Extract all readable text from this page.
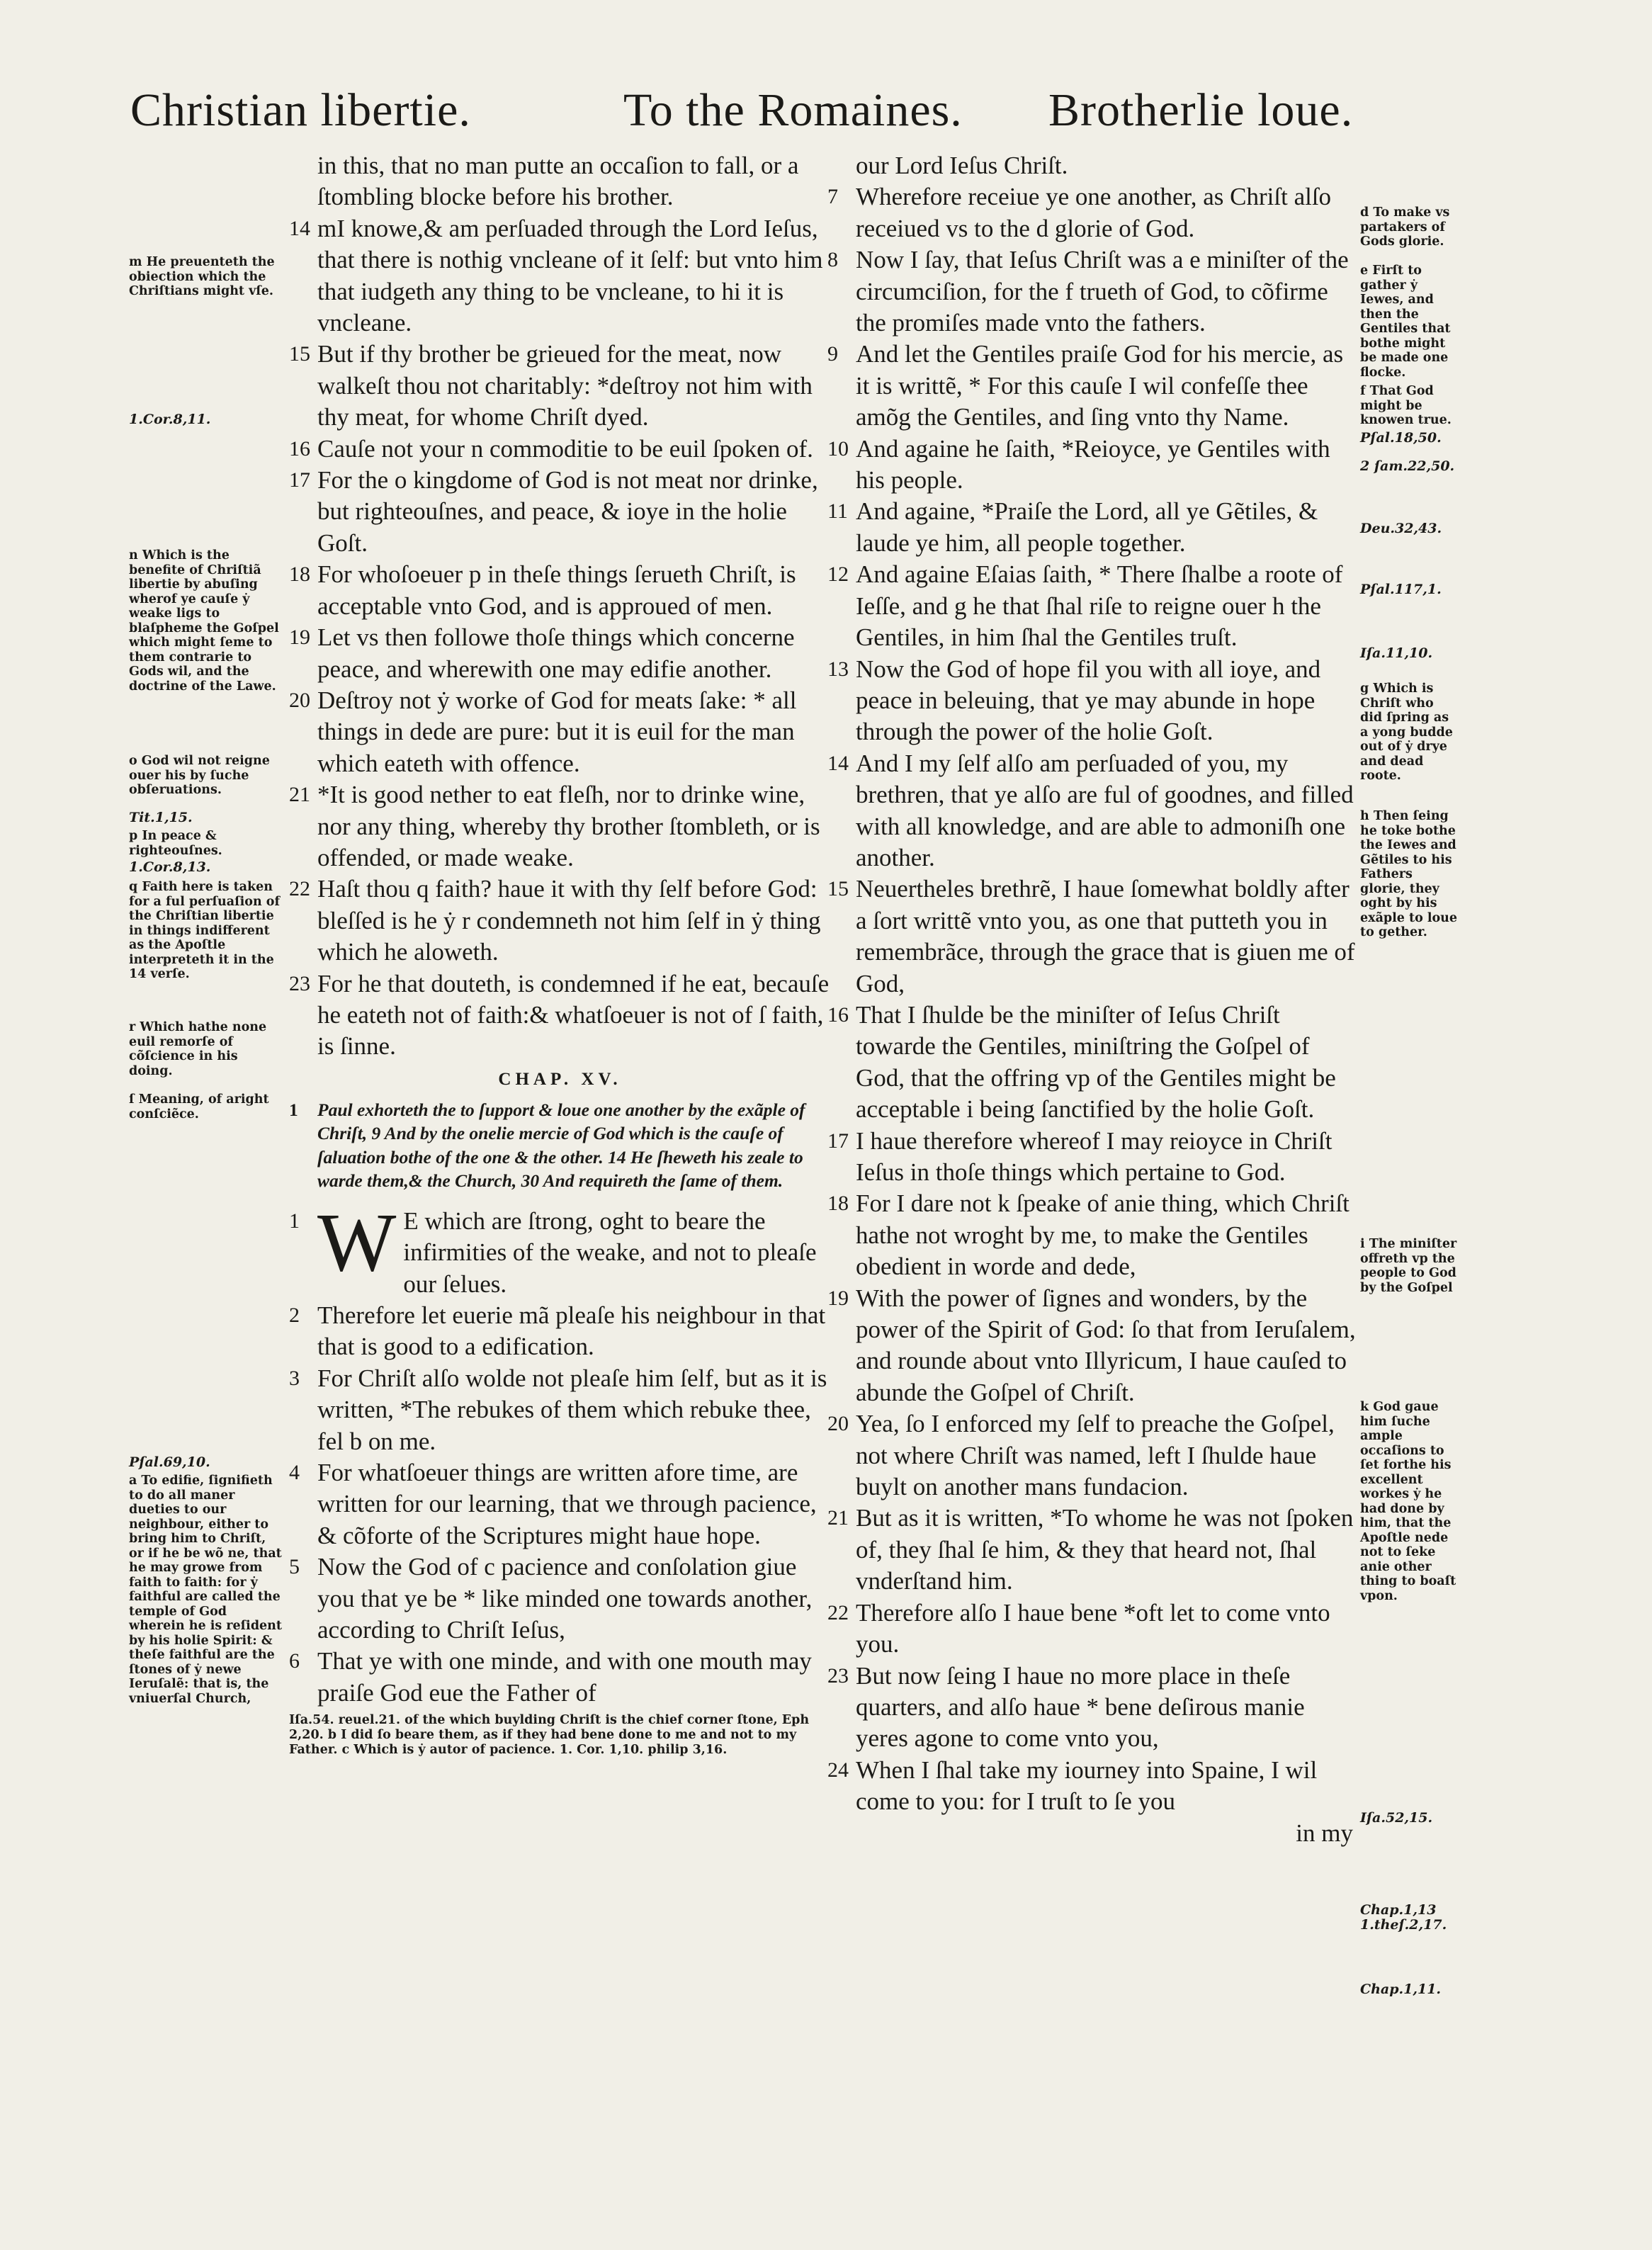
Christian libertie.	To the Romaines. Brotherlie loue.
m He preuenteth the obiection which the Chriſtians might vſe.
1.Cor.8,11.
n Which is the benefite of Chriſtiã libertie by abuſing wherof ye cauſe ẏ weake ligs to blaſpheme the Goſpel which might ſeme to them contrarie to Gods wil, and the doctrine of the Lawe.
o God wil not reigne ouer his by ſuche obſeruations.
Tit.1,15.
p In peace & righteouſnes.
1.Cor.8,13.
q Faith here is taken for a ful perſuaſion of the Chriſtian libertie in things indifferent as the Apoſtle interpreteth it in the 14 verſe.
r Which hathe none euil remorſe of cõſcience in his doing.
ſ Meaning, of aright conſciẽce.
Pſal.69,10.
a To edifie, ſignifieth to do all maner dueties to our neighbour, either to bring him to Chriſt, or if he be wõ ne, that he may growe from faith to faith: for ẏ faithful are called the temple of God wherein he is reſident by his holie Spirit: & theſe faithful are the ſtones of ẏ newe Ieruſalẽ: that is, the vniuerſal Church,
in this, that no man putte an occaſion to fall, or a ſtombling blocke before his brother.
14 mI knowe,& am perſuaded through the Lord Ieſus, that there is nothig vncleane of it ſelf: but vnto him that iudgeth any thing to be vncleane, to hi it is vncleane.
15 But if thy brother be grieued for the meat, now walkeſt thou not charitably: *deſtroy not him with thy meat, for whome Chriſt dyed.
16 Cauſe not your n commoditie to be euil ſpoken of.
17 For the o kingdome of God is not meat nor drinke, but righteouſnes, and peace, & ioye in the holie Goſt.
18 For whoſoeuer p in theſe things ſerueth Chriſt, is acceptable vnto God, and is approued of men.
19 Let vs then followe thoſe things which concerne peace, and wherewith one may edifie another.
20 Deſtroy not ẏ worke of God for meats ſake: * all things in dede are pure: but it is euil for the man which eateth with offence.
21 *It is good nether to eat fleſh, nor to drinke wine, nor any thing, whereby thy brother ſtombleth, or is offended, or made weake.
22 Haſt thou q faith? haue it with thy ſelf before God: bleſſed is he ẏ r condemneth not him ſelf in ẏ thing which he aloweth.
23 For he that douteth, is condemned if he eat, becauſe he eateth not of faith:& whatſoeuer is not of ſ faith, is ſinne.
CHAP. XV.
1 Paul exhorteth the to ſupport & loue one another by the exãple of Chriſt, 9 And by the onelie mercie of God which is the cauſe of ſaluation bothe of the one & the other. 14 He ſheweth his zeale to warde them,& the Church, 30 And requireth the ſame of them.
1 W E which are ſtrong, oght to beare the infirmities of the weake, and not to pleaſe our ſelues.
2 Therefore let euerie mã pleaſe his neighbour in that that is good to a edification.
3 For Chriſt alſo wolde not pleaſe him ſelf, but as it is written, *The rebukes of them which rebuke thee, fel b on me.
4 For whatſoeuer things are written afore time, are written for our learning, that we through pacience, & cõforte of the Scriptures might haue hope.
5 Now the God of c pacience and conſolation giue you that ye be * like minded one towards another, according to Chriſt Ieſus,
6 That ye with one minde, and with one mouth may praiſe God eue the Father of
Iſa.54. reuel.21. of the which buylding Chriſt is the chief corner ſtone, Eph 2,20. b I did ſo beare them, as if they had bene done to me and not to my Father. c Which is ẏ autor of pacience. 1. Cor. 1,10. philip 3,16.
our Lord Ieſus Chriſt.
7 Wherefore receiue ye one another, as Chriſt alſo receiued vs to the d glorie of God.
8 Now I ſay, that Ieſus Chriſt was a e miniſter of the circumciſion, for the f trueth of God, to cõfirme the promiſes made vnto the fathers.
9 And let the Gentiles praiſe God for his mercie, as it is writtẽ, * For this cauſe I wil confeſſe thee amõg the Gentiles, and ſing vnto thy Name.
10 And againe he ſaith, *Reioyce, ye Gentiles with his people.
11 And againe, *Praiſe the Lord, all ye Gẽtiles, & laude ye him, all people together.
12 And againe Eſaias ſaith, * There ſhalbe a roote of Ieſſe, and g he that ſhal riſe to reigne ouer h the Gentiles, in him ſhal the Gentiles truſt.
13 Now the God of hope fil you with all ioye, and peace in beleuing, that ye may abunde in hope through the power of the holie Goſt.
14 And I my ſelf alſo am perſuaded of you, my brethren, that ye alſo are ful of goodnes, and filled with all knowledge, and are able to admoniſh one another.
15 Neuertheles brethrẽ, I haue ſomewhat boldly after a ſort writtẽ vnto you, as one that putteth you in remembrãce, through the grace that is giuen me of God,
16 That I ſhulde be the miniſter of Ieſus Chriſt towarde the Gentiles, miniſtring the Goſpel of God, that the offring vp of the Gentiles might be acceptable i being ſanctified by the holie Goſt.
17 I haue therefore whereof I may reioyce in Chriſt Ieſus in thoſe things which pertaine to God.
18 For I dare not k ſpeake of anie thing, which Chriſt hathe not wroght by me, to make the Gentiles obedient in worde and dede,
19 With the power of ſignes and wonders, by the power of the Spirit of God: ſo that from Ieruſalem, and rounde about vnto Illyricum, I haue cauſed to abunde the Goſpel of Chriſt.
20 Yea, ſo I enforced my ſelf to preache the Goſpel, not where Chriſt was named, left I ſhulde haue buylt on another mans fundacion.
21 But as it is written, *To whome he was not ſpoken of, they ſhal ſe him, & they that heard not, ſhal vnderſtand him.
22 Therefore alſo I haue bene *oft let to come vnto you.
23 But now ſeing I haue no more place in theſe quarters, and alſo haue * bene deſirous manie yeres agone to come vnto you,
24 When I ſhal take my iourney into Spaine, I wil come to you: for I truſt to ſe you
in my
d To make vs partakers of Gods glorie.
e Firſt to gather ẏ Iewes, and then the Gentiles that bothe might be made one flocke.
f That God might be knowen true.
Pſal.18,50.
2 ſam.22,50.
Deu.32,43.
Pſal.117,1.
Iſa.11,10.
g Which is Chriſt who did ſpring as a yong budde out of ẏ drye and dead roote.
h Then ſeing he toke bothe the Iewes and Gẽtiles to his Fathers glorie, they oght by his exãple to loue to gether.
i The miniſter offreth vp the people to God by the Goſpel
k God gaue him ſuche ample occaſions to ſet forthe his excellent workes ẏ he had done by him, that the Apoſtle nede not to ſeke anie other thing to boaſt vpon.
Iſa.52,15.
Chap.1,13 1.theſ.2,17.
Chap.1,11.
